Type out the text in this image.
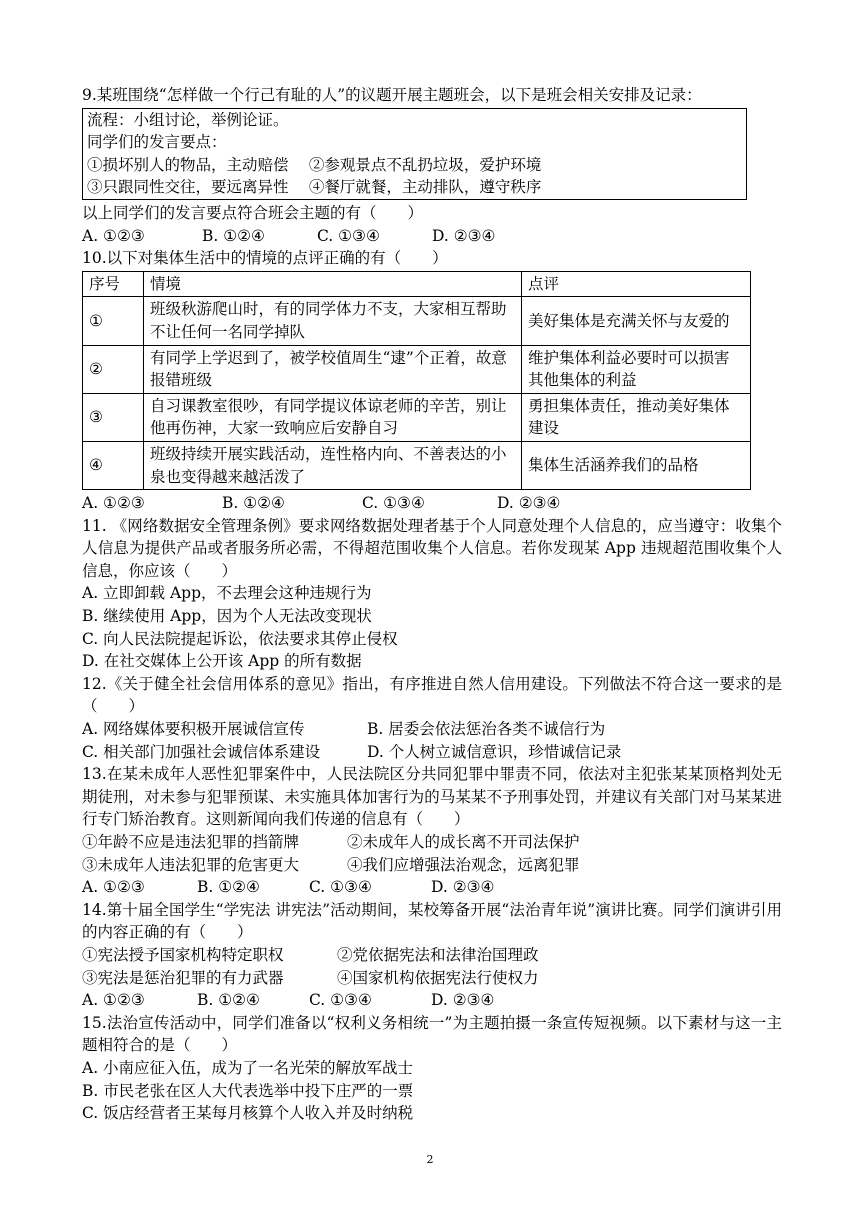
9.某班围绕“怎样做一个行己有耻的人”的议题开展主题班会，以下是班会相关安排及记录：
流程：小组讨论，举例论证。
同学们的发言要点：
①损坏别人的物品，主动赔偿　 ②参观景点不乱扔垃圾，爱护环境
③只跟同性交往，要远离异性　 ④餐厅就餐，主动排队，遵守秩序
以上同学们的发言要点符合班会主题的有（　　）
A. ①②③	B. ①②④	C. ①③④	D. ②③④
10.以下对集体生活中的情境的点评正确的有（　　）
序号	情境	点评
①	班级秋游爬山时，有的同学体力不支，大家相互帮助不让任何一名同学掉队	美好集体是充满关怀与友爱的
②	有同学上学迟到了，被学校值周生“逮”个正着，故意报错班级	维护集体利益必要时可以损害其他集体的利益
③	自习课教室很吵，有同学提议体谅老师的辛苦，别让他再伤神，大家一致响应后安静自习	勇担集体责任，推动美好集体建设
④	班级持续开展实践活动，连性格内向、不善表达的小泉也变得越来越活泼了	集体生活涵养我们的品格
A. ①②③	B. ①②④	C. ①③④	D. ②③④
11. 《网络数据安全管理条例》要求网络数据处理者基于个人同意处理个人信息的，应当遵守：收集个人信息为提供产品或者服务所必需，不得超范围收集个人信息。若你发现某 App 违规超范围收集个人信息，你应该（　　）
A. 立即卸载 App，不去理会这种违规行为
B. 继续使用 App，因为个人无法改变现状
C. 向人民法院提起诉讼，依法要求其停止侵权
D. 在社交媒体上公开该 App 的所有数据
12.《关于健全社会信用体系的意见》指出，有序推进自然人信用建设。下列做法不符合这一要求的是（　　）
A. 网络媒体要积极开展诚信宣传	B. 居委会依法惩治各类不诚信行为
C. 相关部门加强社会诚信体系建设	D. 个人树立诚信意识，珍惜诚信记录
13.在某未成年人恶性犯罪案件中，人民法院区分共同犯罪中罪责不同，依法对主犯张某某顶格判处无期徒刑，对未参与犯罪预谋、未实施具体加害行为的马某某不予刑事处罚，并建议有关部门对马某某进行专门矫治教育。这则新闻向我们传递的信息有（　　）
①年龄不应是违法犯罪的挡箭牌	②未成年人的成长离不开司法保护
③未成年人违法犯罪的危害更大	④我们应增强法治观念，远离犯罪
A. ①②③	B. ①②④	C. ①③④	D. ②③④
14.第十届全国学生“学宪法 讲宪法”活动期间，某校筹备开展“法治青年说”演讲比赛。同学们演讲引用的内容正确的有（　　）
①宪法授予国家机构特定职权	②党依据宪法和法律治国理政
③宪法是惩治犯罪的有力武器	④国家机构依据宪法行使权力
A. ①②③	B. ①②④	C. ①③④	D. ②③④
15.法治宣传活动中，同学们准备以“权利义务相统一”为主题拍摄一条宣传短视频。以下素材与这一主题相符合的是（　　）
A. 小南应征入伍，成为了一名光荣的解放军战士
B. 市民老张在区人大代表选举中投下庄严的一票
C. 饭店经营者王某每月核算个人收入并及时纳税
2
